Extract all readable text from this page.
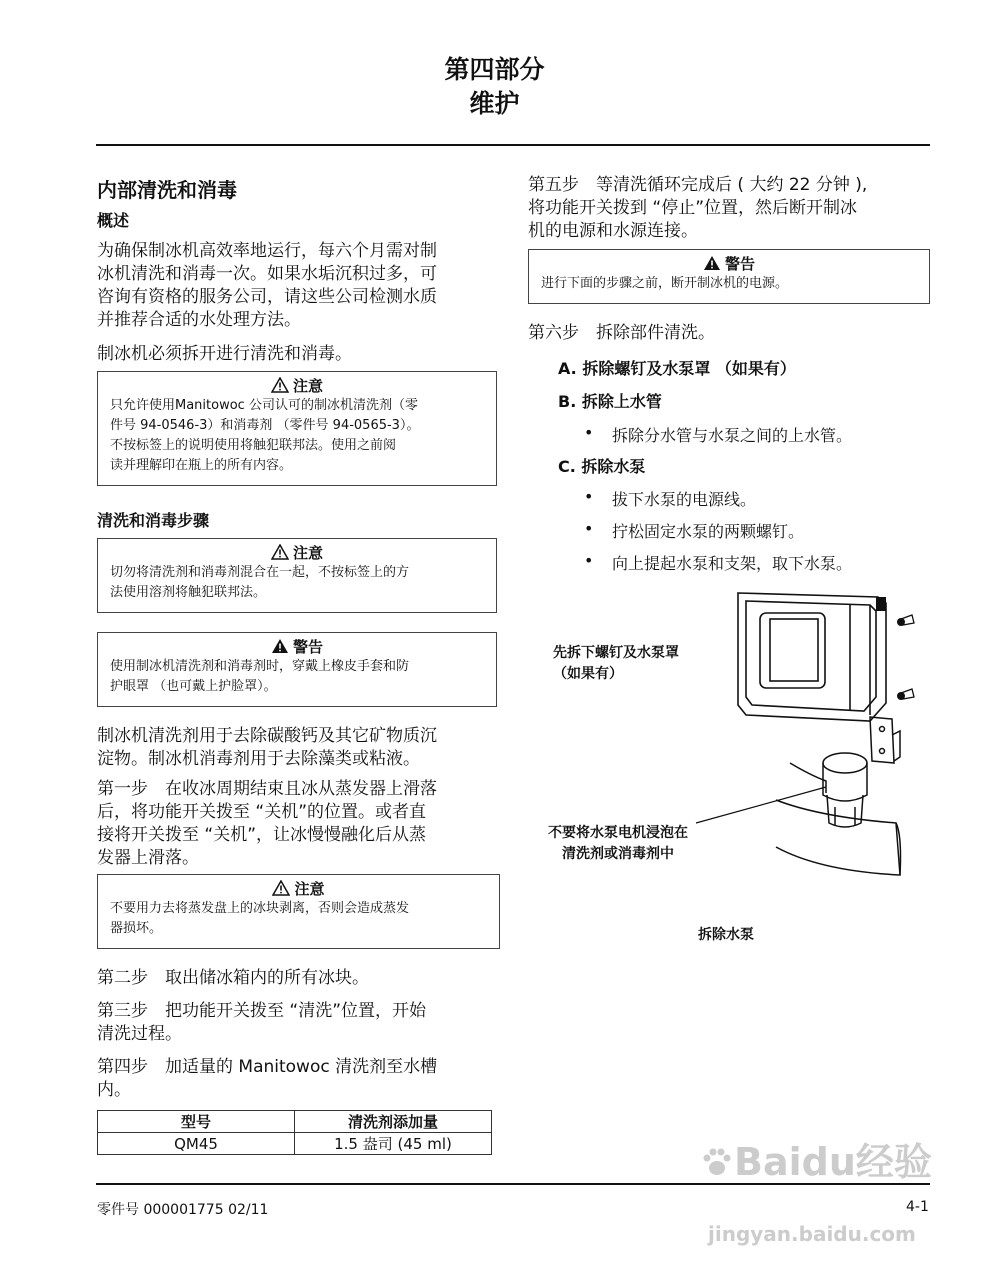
第四部分
维护
内部清洗和消毒
概述
为确保制冰机高效率地运行，每六个月需对制
冰机清洗和消毒一次。如果水垢沉积过多，可
咨询有资格的服务公司，请这些公司检测水质
并推荐合适的水处理方法。
制冰机必须拆开进行清洗和消毒。
注意
只允许使用Manitowoc 公司认可的制冰机清洗剂（零
件号 94-0546-3）和消毒剂 （零件号 94-0565-3）。
不按标签上的说明使用将触犯联邦法。使用之前阅
读并理解印在瓶上的所有内容。
清洗和消毒步骤
注意
切勿将清洗剂和消毒剂混合在一起，不按标签上的方
法使用溶剂将触犯联邦法。
警告
使用制冰机清洗剂和消毒剂时，穿戴上橡皮手套和防
护眼罩 （也可戴上护脸罩）。
制冰机清洗剂用于去除碳酸钙及其它矿物质沉
淀物。制冰机消毒剂用于去除藻类或粘液。
第一步　在收冰周期结束且冰从蒸发器上滑落
后，将功能开关拨至 “关机”的位置。或者直
接将开关拨至 “关机”，让冰慢慢融化后从蒸
发器上滑落。
注意
不要用力去将蒸发盘上的冰块剥离，否则会造成蒸发
器损坏。
第二步　取出储冰箱内的所有冰块。
第三步　把功能开关拨至 “清洗”位置，开始
清洗过程。
第四步　加适量的 Manitowoc 清洗剂至水槽
内。
型号	清洗剂添加量
QM45	1.5 盎司 (45 ml)
第五步　等清洗循环完成后 ( 大约 22 分钟 ),
将功能开关拨到 “停止”位置，然后断开制冰
机的电源和水源连接。
警告
进行下面的步骤之前，断开制冰机的电源。
第六步　拆除部件清洗。
A. 拆除螺钉及水泵罩 （如果有）
B. 拆除上水管
• 拆除分水管与水泵之间的上水管。
C. 拆除水泵
• 拔下水泵的电源线。
• 拧松固定水泵的两颗螺钉。
• 向上提起水泵和支架，取下水泵。
先拆下螺钉及水泵罩
（如果有）
不要将水泵电机浸泡在
清洗剂或消毒剂中
拆除水泵
零件号 000001775 02/11	4-1
Baidu经验
jingyan.baidu.com
